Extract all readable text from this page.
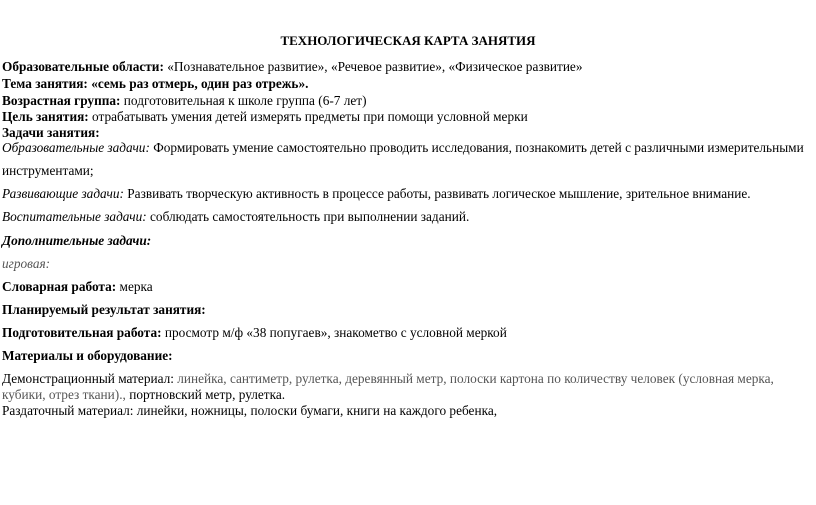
ТЕХНОЛОГИЧЕСКАЯ КАРТА ЗАНЯТИЯ
Образовательные области: «Познавательное развитие», «Речевое развитие», «Физическое развитие»
Тема занятия: «семь раз отмерь, один раз отрежь».
Возрастная группа: подготовительная к школе группа (6-7 лет)
Цель занятия: отрабатывать умения детей измерять предметы при помощи условной мерки
Задачи занятия:
Образовательные задачи: Формировать умение самостоятельно проводить исследования, познакомить детей с различными измерительными
инструментами;
Развивающие задачи: Развивать творческую активность в процессе работы, развивать логическое мышление, зрительное внимание.
Воспитательные задачи: соблюдать самостоятельность при выполнении заданий.
Дополнительные задачи:
игровая:
Словарная работа: мерка
Планируемый результат занятия:
Подготовительная работа: просмотр м/ф «38 попугаев», знакометво с условной меркой
Материалы и оборудование:
Демонстрационный материал: линейка, сантиметр, рулетка, деревянный метр, полоски картона по количеству человек (условная мерка,
кубики, отрез ткани)., портновский метр, рулетка.
Раздаточный материал: линейки, ножницы, полоски бумаги, книги на каждого ребенка,
